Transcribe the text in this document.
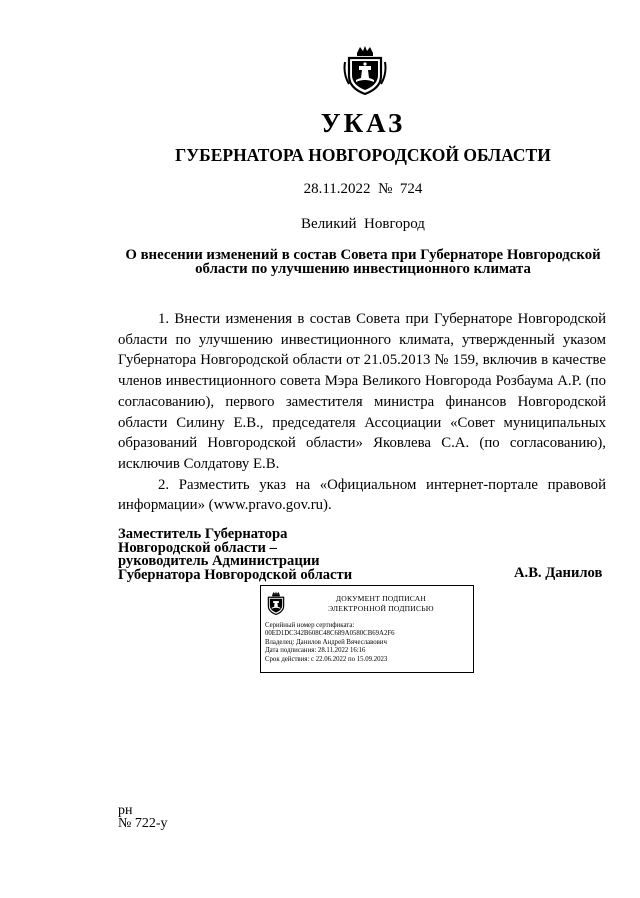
УКАЗ
ГУБЕРНАТОРА НОВГОРОДСКОЙ ОБЛАСТИ
28.11.2022 № 724
Великий  Новгород
О внесении изменений в состав Совета при Губернаторе Новгородской
области по улучшению инвестиционного климата

1. Внести изменения в состав Совета при Губернаторе Новгородской области по улучшению инвестиционного климата, утвержденный указом Губернатора Новгородской области от 21.05.2013 № 159, включив в качестве членов инвестиционного совета Мэра Великого Новгорода Розбаума А.Р. (по согласованию), первого заместителя министра финансов Новгородской области Силину Е.В., председателя Ассоциации «Совет муниципальных образований Новгородской области» Яковлева С.А. (по согласованию), исключив Солдатову Е.В.

2. Разместить указ на «Официальном интернет-портале правовой информации» (www.pravo.gov.ru).

Заместитель Губернатора
Новгородской области –
руководитель Администрации
Губернатора Новгородской области	А.В. Данилов
ДОКУМЕНТ ПОДПИСАН
ЭЛЕКТРОННОЙ ПОДПИСЬЮ
Серийный номер сертификата:
00ED1DC342B608C48C689A0580CB69A2F6
Владелец: Данилов Андрей Вячеславович
Дата подписания: 28.11.2022 16:16
Срок действия: с 22.06.2022 по 15.09.2023
рн
№ 722-у
